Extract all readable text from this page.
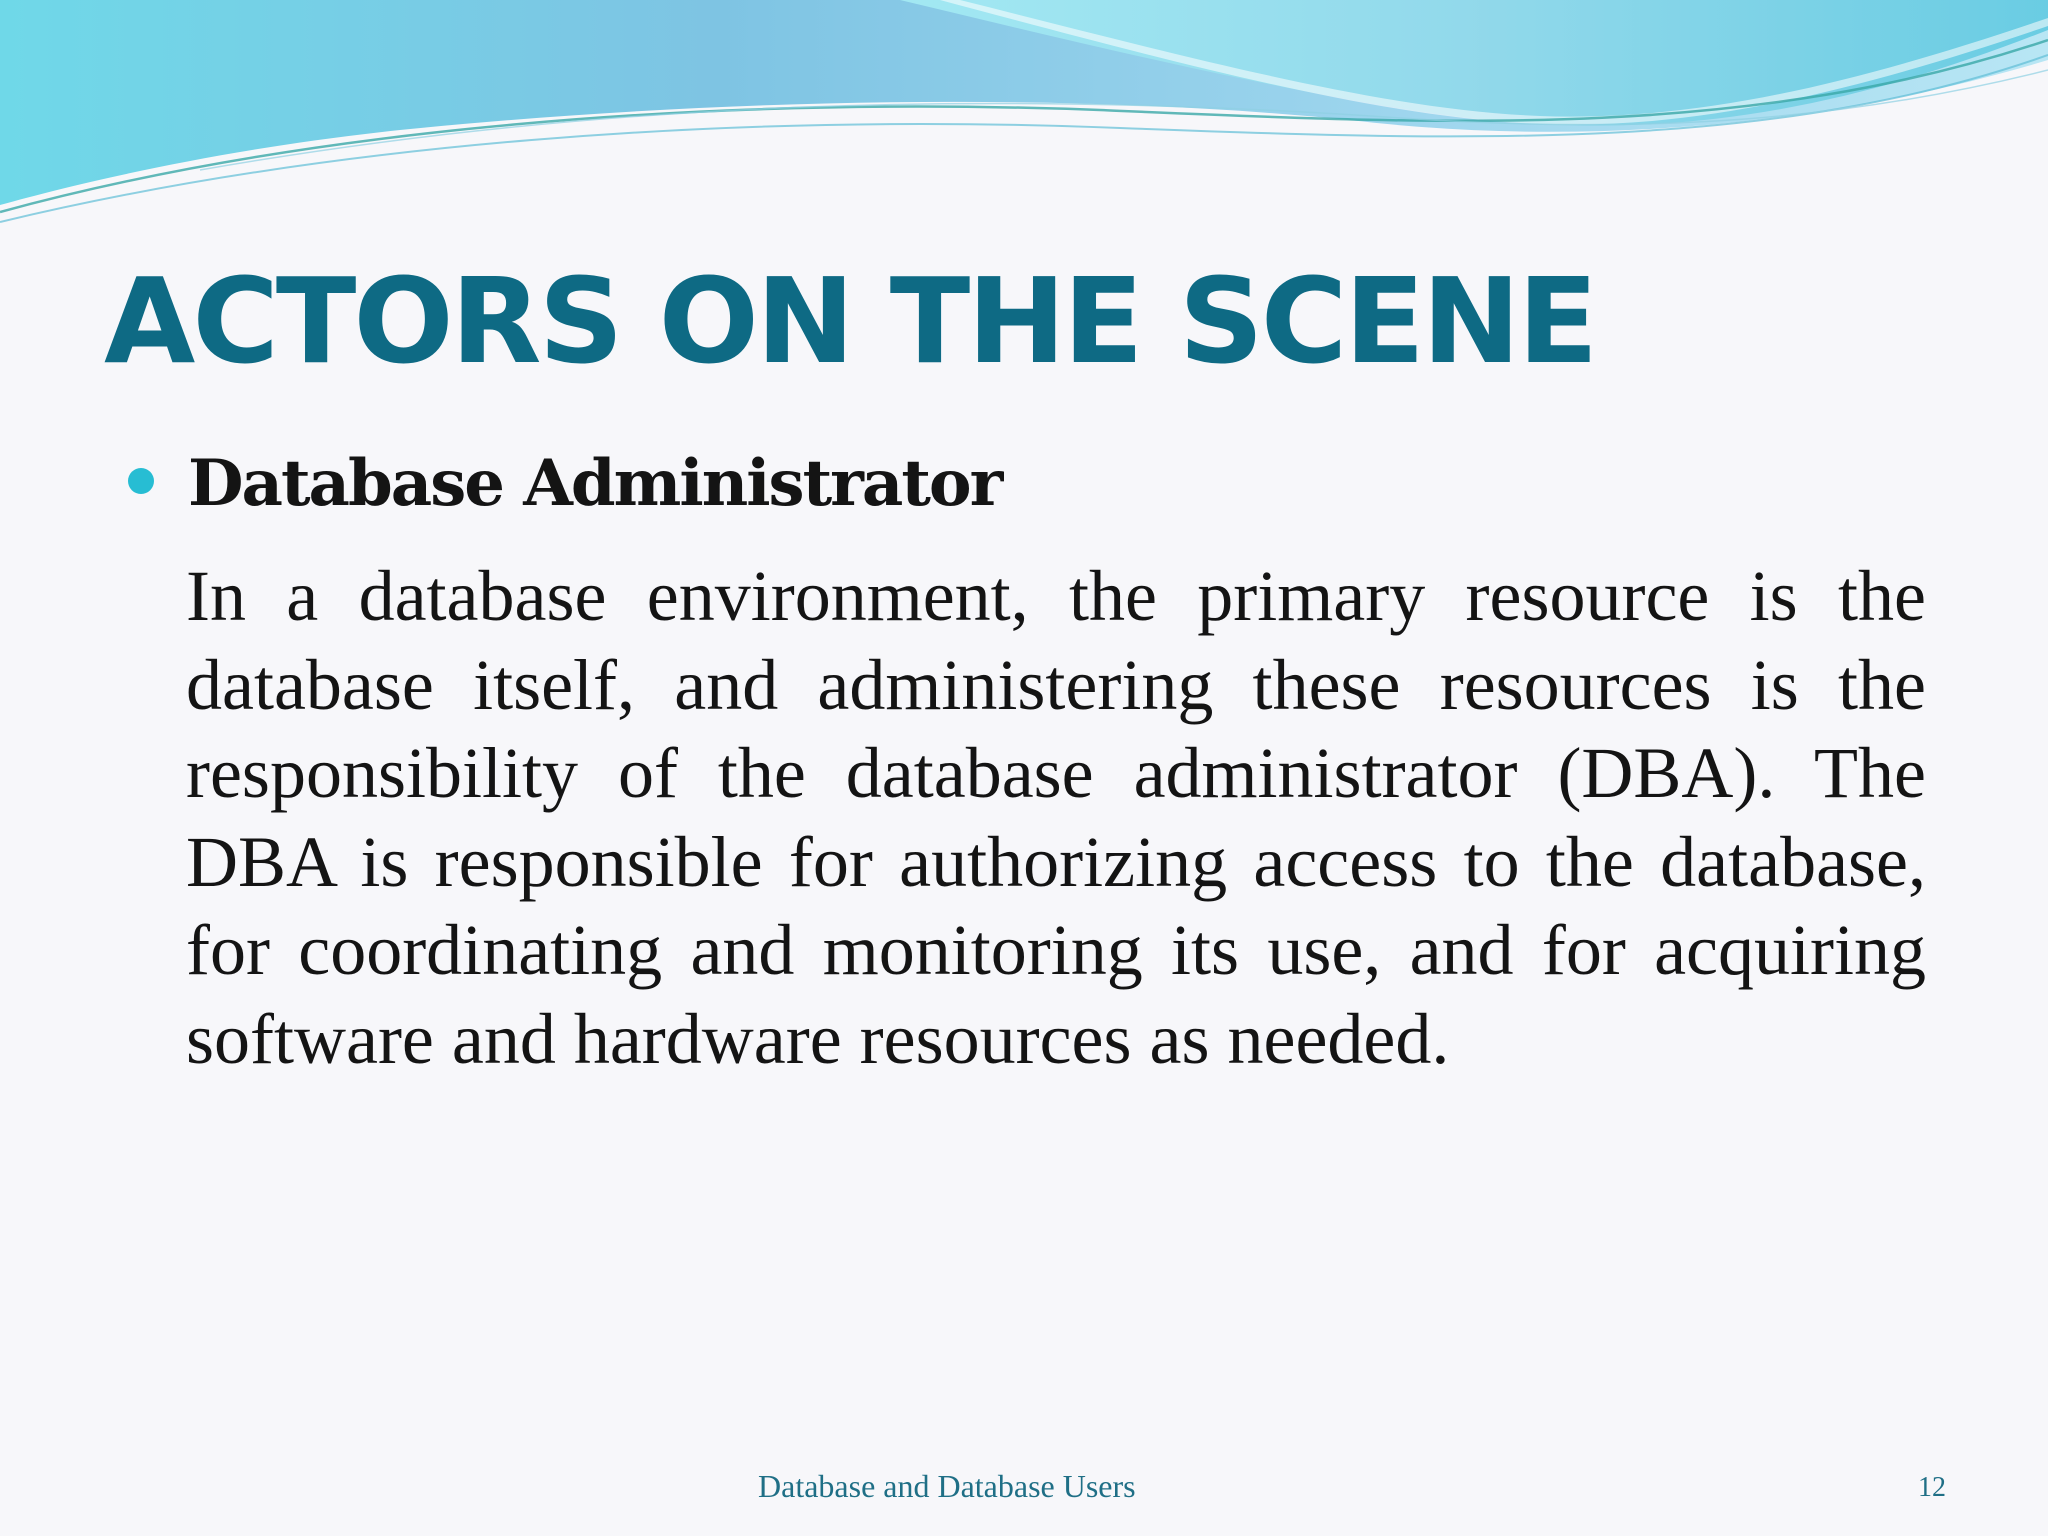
ACTORS ON THE SCENE
Database Administrator

In a database environment, the primary resource is the database itself, and administering these resources is the responsibility of the database administrator (DBA). The DBA is responsible for authorizing access to the database, for coordinating and monitoring its use, and for acquiring software and hardware resources as needed.

Database and Database Users	12
